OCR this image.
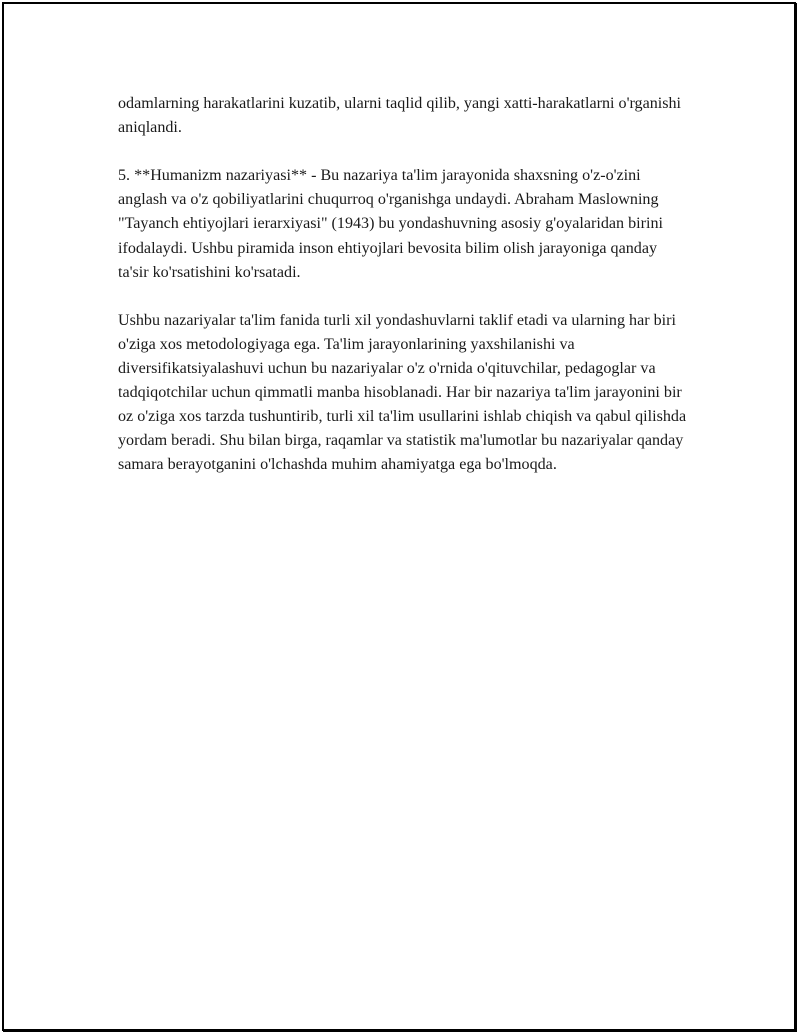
odamlarning harakatlarini kuzatib, ularni taqlid qilib, yangi xatti-harakatlarni o'rganishi aniqlandi.

5. **Humanizm nazariyasi** - Bu nazariya ta'lim jarayonida shaxsning o'z-o'zini anglash va o'z qobiliyatlarini chuqurroq o'rganishga undaydi. Abraham Maslowning "Tayanch ehtiyojlari ierarxiyasi" (1943) bu yondashuvning asosiy g'oyalaridan birini ifodalaydi. Ushbu piramida inson ehtiyojlari bevosita bilim olish jarayoniga qanday ta'sir ko'rsatishini ko'rsatadi.

Ushbu nazariyalar ta'lim fanida turli xil yondashuvlarni taklif etadi va ularning har biri o'ziga xos metodologiyaga ega. Ta'lim jarayonlarining yaxshilanishi va diversifikatsiyalashuvi uchun bu nazariyalar o'z o'rnida o'qituvchilar, pedagoglar va tadqiqotchilar uchun qimmatli manba hisoblanadi. Har bir nazariya ta'lim jarayonini bir oz o'ziga xos tarzda tushuntirib, turli xil ta'lim usullarini ishlab chiqish va qabul qilishda yordam beradi. Shu bilan birga, raqamlar va statistik ma'lumotlar bu nazariyalar qanday samara berayotganini o'lchashda muhim ahamiyatga ega bo'lmoqda.
